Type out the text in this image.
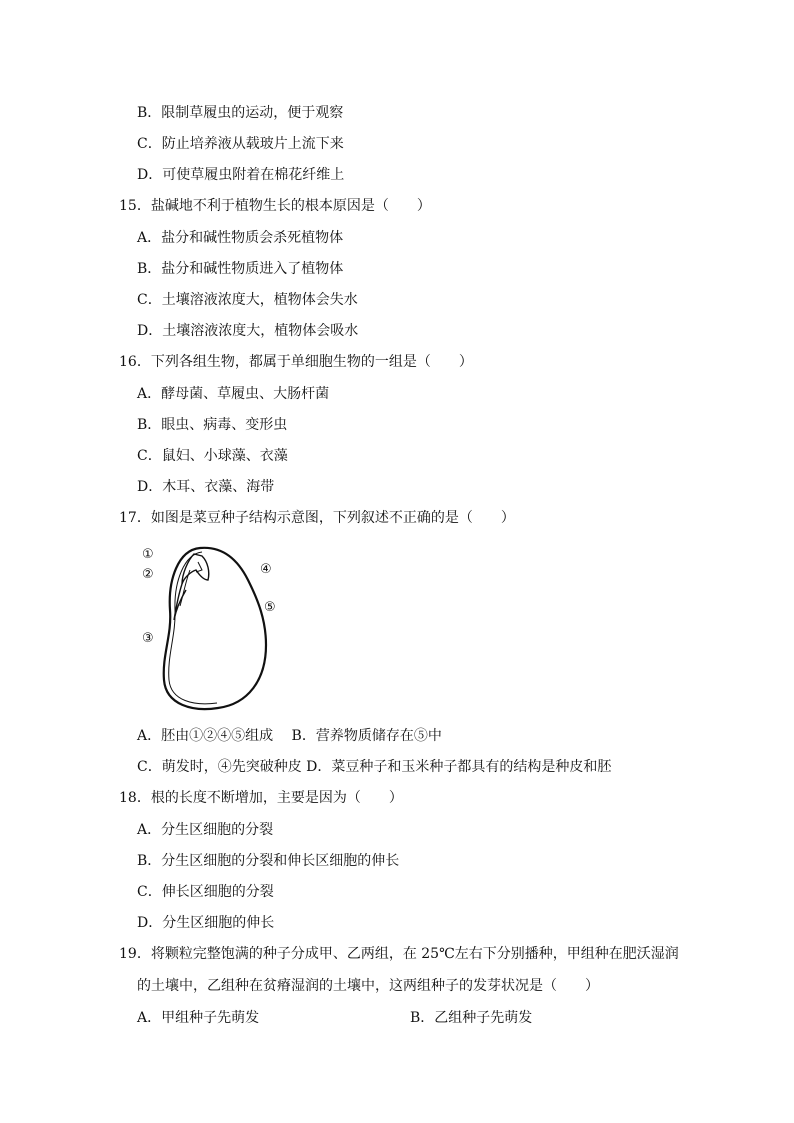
B．限制草履虫的运动，便于观察
C．防止培养液从载玻片上流下来
D．可使草履虫附着在棉花纤维上
15．盐碱地不利于植物生长的根本原因是（　　）
A．盐分和碱性物质会杀死植物体
B．盐分和碱性物质进入了植物体
C．土壤溶液浓度大，植物体会失水
D．土壤溶液浓度大，植物体会吸水
16．下列各组生物，都属于单细胞生物的一组是（　　）
A．酵母菌、草履虫、大肠杆菌
B．眼虫、病毒、变形虫
C．鼠妇、小球藻、衣藻
D．木耳、衣藻、海带
17．如图是菜豆种子结构示意图，下列叙述不正确的是（　　）
①
②
③
④
⑤
A．胚由①②④⑤组成　 B．营养物质储存在⑤中
C．萌发时，④先突破种皮 D．菜豆种子和玉米种子都具有的结构是种皮和胚
18．根的长度不断增加，主要是因为（　　）
A．分生区细胞的分裂
B．分生区细胞的分裂和伸长区细胞的伸长
C．伸长区细胞的分裂
D．分生区细胞的伸长
19．将颗粒完整饱满的种子分成甲、乙两组，在 25℃左右下分别播种，甲组种在肥沃湿润
的土壤中，乙组种在贫瘠湿润的土壤中，这两组种子的发芽状况是（　　）
A．甲组种子先萌发	B．乙组种子先萌发
